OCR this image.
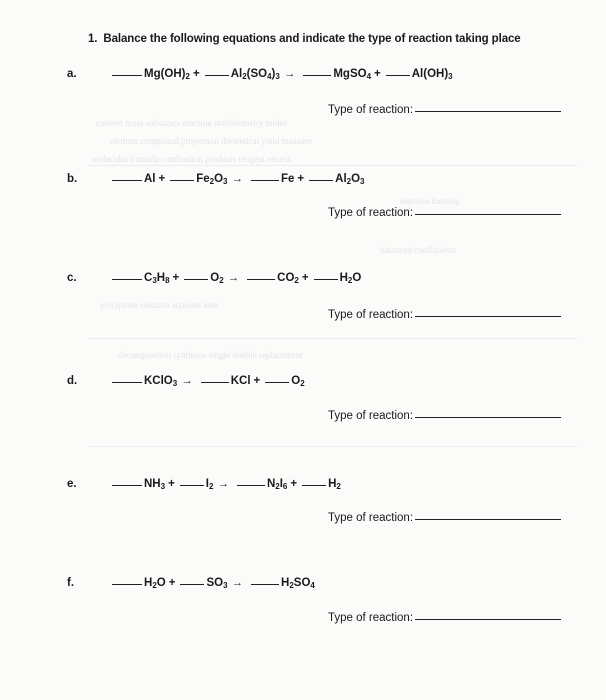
convert mass substance reaction stoichiometry moles
element compound proportion theoretical yield measure
molecular formula combustion products reagent excess
reaction limiting
precipitate solution aqueous ions
decomposition synthesis single double replacement
balanced coefficients
1. Balance the following equations and indicate the type of reaction taking place
a.	$Mg(OH)_2$ +	$Al_2(SO_4)_3$ →	MgSO$_4$ +	$Al(OH)_3$
Type of reaction:
b.	Al +	$Fe_2O_3$ →	Fe +	$Al_2O_3$
Type of reaction:
c.	$C_3H_8$ +	$O_2$ →	$CO_2$ +	$H_2O$
Type of reaction:
d.	KClO$_3$ →	KCl +	$O_2$
Type of reaction:
e.	$NH_3$ +	$I_2$ →	$N_2I_6$ +	$H_2$
Type of reaction:
f.	$H_2O$ +	$SO_3$ →	$H_2SO_4$
Type of reaction:
